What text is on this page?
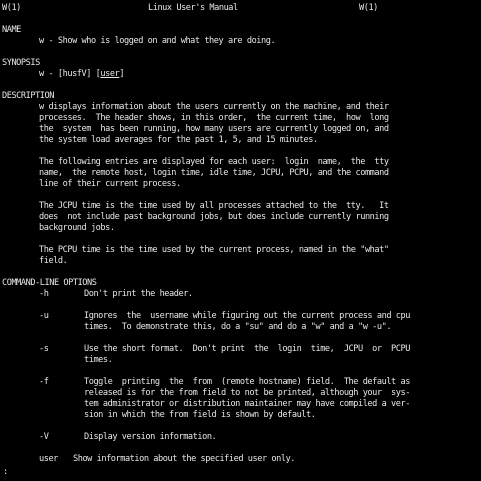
W(1)	Linux User's Manual	W(1)
NAME
w - Show who is logged on and what they are doing.
SYNOPSIS
w - [husfV] [user]
DESCRIPTION
w displays information about the users currently on the machine, and their
processes.  The header shows, in this order,  the current time,  how  long
the  system  has been running, how many users are currently logged on, and
the system load averages for the past 1, 5, and 15 minutes.
The following entries are displayed for each user:  login  name,  the  tty
name,  the remote host, login time, idle time, JCPU, PCPU, and the command
line of their current process.
The JCPU time is the time used by all processes attached to the  tty.   It
does  not include past background jobs, but does include currently running
background jobs.
The PCPU time is the time used by the current process, named in the "what"
field.
COMMAND-LINE OPTIONS
-h	Don't print the header.
-u	Ignores  the  username while figuring out the current process and cpu
times.  To demonstrate this, do a "su" and do a "w" and a "w -u".
-s	Use the short format.  Don't print  the  login  time,  JCPU  or  PCPU
times.
-f	Toggle  printing  the  from  (remote hostname) field.  The default as
released is for the from field to not be printed, although your  sys-
tem administrator or distribution maintainer may have compiled a ver-
sion in which the from field is shown by default.
-V	Display version information.
user Show information about the specified user only.
:
